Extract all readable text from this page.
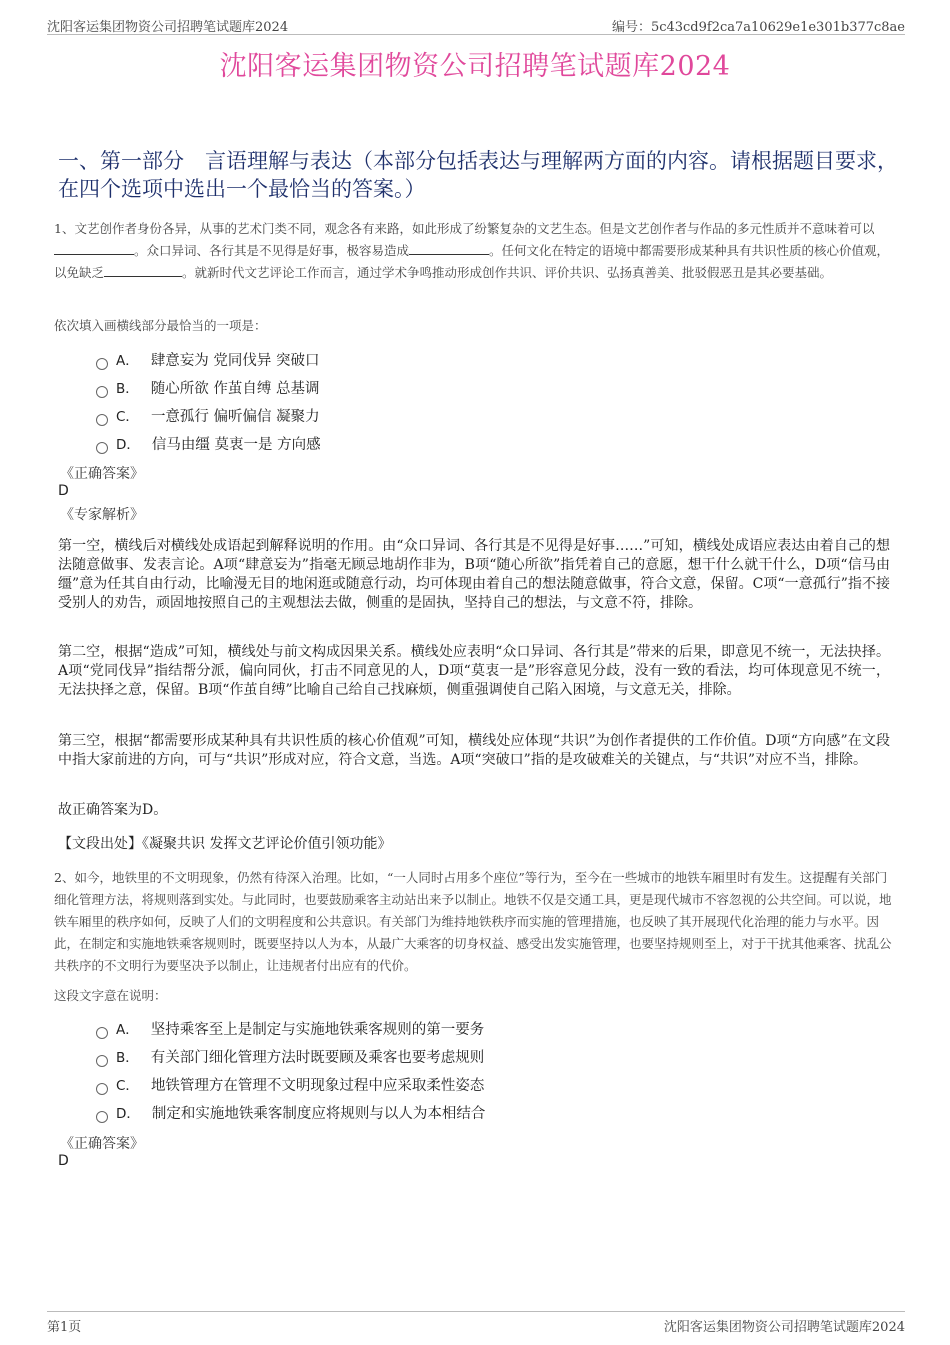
沈阳客运集团物资公司招聘笔试题库2024	编号：5c43cd9f2ca7a10629e1e301b377c8ae
沈阳客运集团物资公司招聘笔试题库2024
一、第一部分　言语理解与表达（本部分包括表达与理解两方面的内容。请根据题目要求，在四个选项中选出一个最恰当的答案。）
1、文艺创作者身份各异，从事的艺术门类不同，观念各有来路，如此形成了纷繁复杂的文艺生态。但是文艺创作者与作品的多元性质并不意味着可以。众口异词、各行其是不见得是好事，极容易造成	。任何文化在特定的语境中都需要形成某种具有共识性质的核心价值观，以免缺乏	。就新时代文艺评论工作而言，通过学术争鸣推动形成创作共识、评价共识、弘扬真善美、批驳假恶丑是其必要基础。
依次填入画横线部分最恰当的一项是：
A． 肆意妄为 党同伐异 突破口
B． 随心所欲 作茧自缚 总基调
C． 一意孤行 偏听偏信 凝聚力
D． 信马由缰 莫衷一是 方向感
《正确答案》
D
《专家解析》
第一空，横线后对横线处成语起到解释说明的作用。由“众口异词、各行其是不见得是好事……”可知，横线处成语应表达由着自己的想法随意做事、发表言论。A项“肆意妄为”指毫无顾忌地胡作非为，B项“随心所欲”指凭着自己的意愿，想干什么就干什么，D项“信马由缰”意为任其自由行动，比喻漫无目的地闲逛或随意行动，均可体现由着自己的想法随意做事，符合文意，保留。C项“一意孤行”指不接受别人的劝告，顽固地按照自己的主观想法去做，侧重的是固执，坚持自己的想法，与文意不符，排除。
第二空，根据“造成”可知，横线处与前文构成因果关系。横线处应表明“众口异词、各行其是”带来的后果，即意见不统一，无法抉择。A项“党同伐异”指结帮分派，偏向同伙，打击不同意见的人，D项“莫衷一是”形容意见分歧，没有一致的看法，均可体现意见不统一，无法抉择之意，保留。B项“作茧自缚”比喻自己给自己找麻烦，侧重强调使自己陷入困境，与文意无关，排除。
第三空，根据“都需要形成某种具有共识性质的核心价值观”可知，横线处应体现“共识”为创作者提供的工作价值。D项“方向感”在文段中指大家前进的方向，可与“共识”形成对应，符合文意，当选。A项“突破口”指的是攻破难关的关键点，与“共识”对应不当，排除。
故正确答案为D。
【文段出处】《凝聚共识 发挥文艺评论价值引领功能》
2、如今，地铁里的不文明现象，仍然有待深入治理。比如，“一人同时占用多个座位”等行为，至今在一些城市的地铁车厢里时有发生。这提醒有关部门细化管理方法，将规则落到实处。与此同时，也要鼓励乘客主动站出来予以制止。地铁不仅是交通工具，更是现代城市不容忽视的公共空间。可以说，地铁车厢里的秩序如何，反映了人们的文明程度和公共意识。有关部门为维持地铁秩序而实施的管理措施，也反映了其开展现代化治理的能力与水平。因此，在制定和实施地铁乘客规则时，既要坚持以人为本，从最广大乘客的切身权益、感受出发实施管理，也要坚持规则至上，对于干扰其他乘客、扰乱公共秩序的不文明行为要坚决予以制止，让违规者付出应有的代价。
这段文字意在说明：
A． 坚持乘客至上是制定与实施地铁乘客规则的第一要务
B． 有关部门细化管理方法时既要顾及乘客也要考虑规则
C． 地铁管理方在管理不文明现象过程中应采取柔性姿态
D． 制定和实施地铁乘客制度应将规则与以人为本相结合
《正确答案》
D
第1页	沈阳客运集团物资公司招聘笔试题库2024
